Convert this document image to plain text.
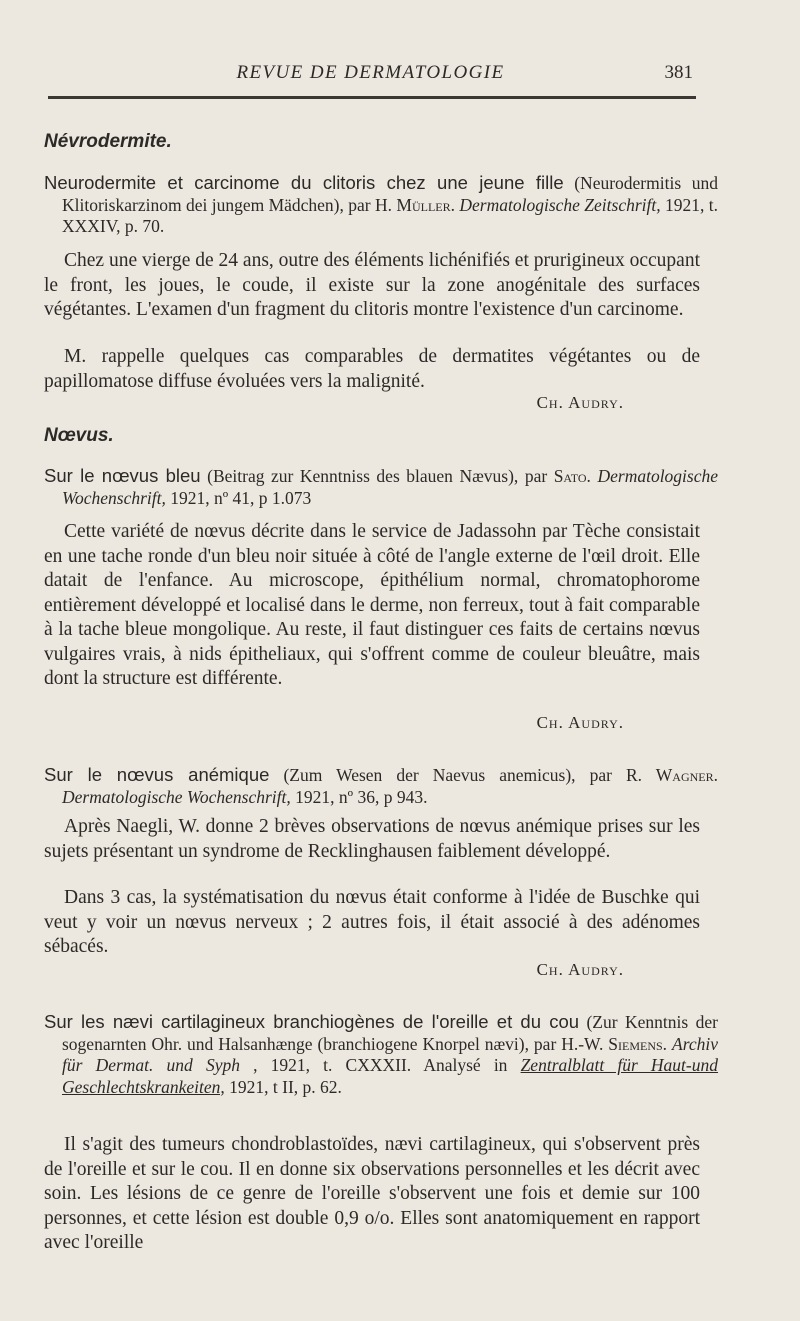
REVUE DE DERMATOLOGIE	381
Névrodermite.
Neurodermite et carcinome du clitoris chez une jeune fille (Neurodermitis und Klitoriskarzinom dei jungem Mädchen), par H. Müller. Dermatologische Zeitschrift, 1921, t. XXXIV, p. 70.
Chez une vierge de 24 ans, outre des éléments lichénifiés et prurigineux occupant le front, les joues, le coude, il existe sur la zone anogénitale des surfaces végétantes. L'examen d'un fragment du clitoris montre l'existence d'un carcinome.
M. rappelle quelques cas comparables de dermatites végétantes ou de papillomatose diffuse évoluées vers la malignité.
Ch. Audry.
Nœvus.
Sur le nœvus bleu (Beitrag zur Kenntniss des blauen Nævus), par Sato. Dermatologische Wochenschrift, 1921, nº 41, p 1.073
Cette variété de nœvus décrite dans le service de Jadassohn par Tèche consistait en une tache ronde d'un bleu noir située à côté de l'angle externe de l'œil droit. Elle datait de l'enfance. Au microscope, épithélium normal, chromatophorome entièrement développé et localisé dans le derme, non ferreux, tout à fait comparable à la tache bleue mongolique. Au reste, il faut distinguer ces faits de certains nœvus vulgaires vrais, à nids épitheliaux, qui s'offrent comme de couleur bleuâtre, mais dont la structure est différente.
Ch. Audry.
Sur le nœvus anémique (Zum Wesen der Naevus anemicus), par R. Wagner. Dermatologische Wochenschrift, 1921, nº 36, p 943.
Après Naegli, W. donne 2 brèves observations de nœvus anémique prises sur les sujets présentant un syndrome de Recklinghausen faiblement développé.
Dans 3 cas, la systématisation du nœvus était conforme à l'idée de Buschke qui veut y voir un nœvus nerveux ; 2 autres fois, il était associé à des adénomes sébacés.
Ch. Audry.
Sur les nævi cartilagineux branchiogènes de l'oreille et du cou (Zur Kenntnis der sogenarnten Ohr. und Halsanhænge (branchiogene Knorpel nævi), par H.-W. Siemens. Archiv für Dermat. und Syph , 1921, t. CXXXII. Analysé in Zentralblatt für Haut-und Geschlechtskrankeiten, 1921, t II, p. 62.
Il s'agit des tumeurs chondroblastoïdes, nævi cartilagineux, qui s'observent près de l'oreille et sur le cou. Il en donne six observations personnelles et les décrit avec soin. Les lésions de ce genre de l'oreille s'observent une fois et demie sur 100 personnes, et cette lésion est double 0,9 o/o. Elles sont anatomiquement en rapport avec l'oreille
